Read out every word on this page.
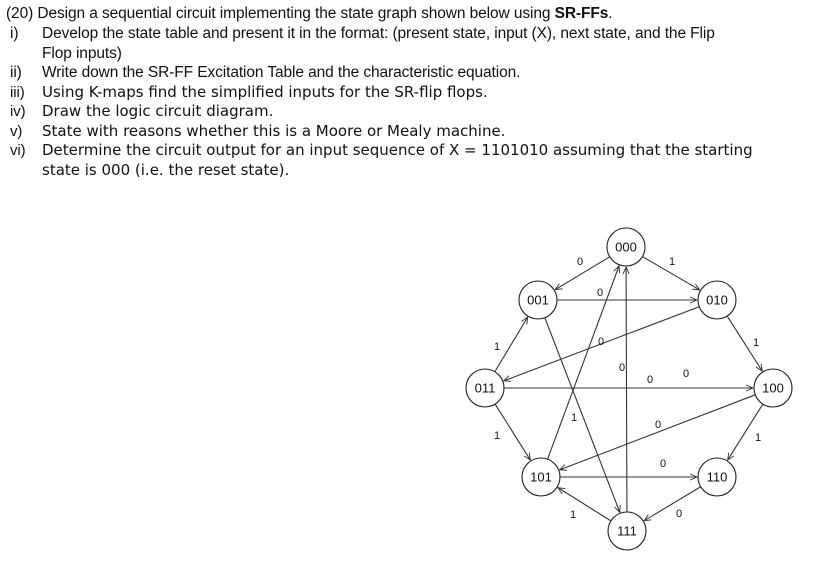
(20) Design a sequential circuit implementing the state graph shown below using SR-FFs.
i)	Develop the state table and present it in the format: (present state, input (X), next state, and the Flip
Flop inputs)
ii)	Write down the SR-FF Excitation Table and the characteristic equation.
iii)	Using K-maps find the simplified inputs for the SR-flip flops.
iv)	Draw the logic circuit diagram.
v)	State with reasons whether this is a Moore or Mealy machine.
vi)	Determine the circuit output for an input sequence of X = 1101010 assuming that the starting
state is 000 (i.e. the reset state).
0	1
0
1
0	1
1
0
1	1
0
0
0
0
0
1
000
001	010
011	100
101	110
111
